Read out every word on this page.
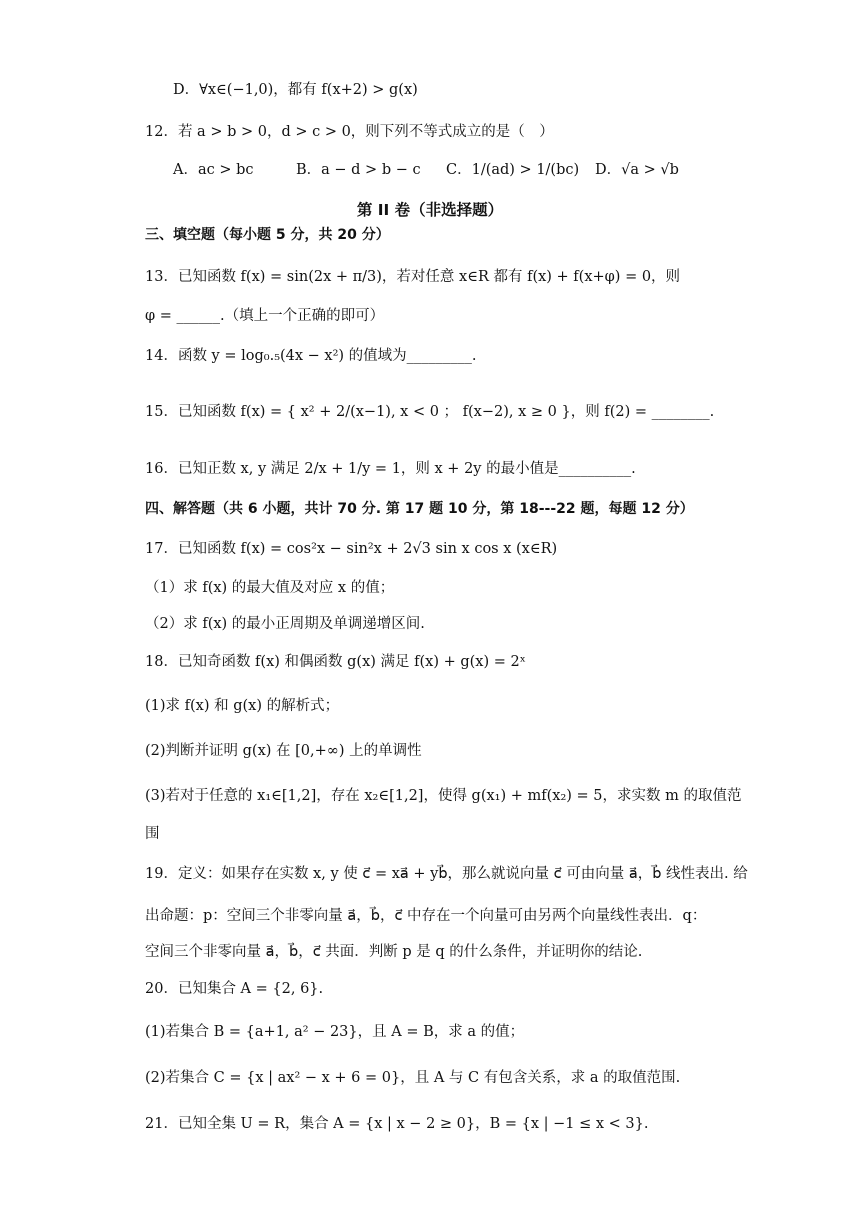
D．∀x∈(−1,0)，都有 f(x+2) > g(x)
12．若 a > b > 0，d > c > 0，则下列不等式成立的是（　）
A．ac > bc	B．a − d > b − c C．1/(ad) > 1/(bc) D．√a > √b
第 II 卷（非选择题）
三、填空题（每小题 5 分，共 20 分）
13．已知函数 f(x) = sin(2x + π/3)，若对任意 x∈R 都有 f(x) + f(x+φ) = 0，则
φ = ______.（填上一个正确的即可）
14．函数 y = log₀.₅(4x − x²) 的值域为_________.
15．已知函数 f(x) = { x² + 2/(x−1), x < 0 ； f(x−2), x ≥ 0 }，则 f(2) = ________.
16．已知正数 x, y 满足 2/x + 1/y = 1，则 x + 2y 的最小值是__________.
四、解答题（共 6 小题，共计 70 分. 第 17 题 10 分，第 18---22 题，每题 12 分）
17．已知函数 f(x) = cos²x − sin²x + 2√3 sin x cos x (x∈R)
（1）求 f(x) 的最大值及对应 x 的值；
（2）求 f(x) 的最小正周期及单调递增区间.
18．已知奇函数 f(x) 和偶函数 g(x) 满足 f(x) + g(x) = 2ˣ
(1)求 f(x) 和 g(x) 的解析式；
(2)判断并证明 g(x) 在 [0,+∞) 上的单调性
(3)若对于任意的 x₁∈[1,2]，存在 x₂∈[1,2]，使得 g(x₁) + mf(x₂) = 5，求实数 m 的取值范
围
19．定义：如果存在实数 x, y 使 c⃗ = xa⃗ + yb⃗，那么就说向量 c⃗ 可由向量 a⃗，b⃗ 线性表出. 给
出命题：p：空间三个非零向量 a⃗，b⃗，c⃗ 中存在一个向量可由另两个向量线性表出．q：
空间三个非零向量 a⃗，b⃗，c⃗ 共面．判断 p 是 q 的什么条件，并证明你的结论.
20．已知集合 A = {2, 6}.
(1)若集合 B = {a+1, a² − 23}，且 A = B，求 a 的值；
(2)若集合 C = {x | ax² − x + 6 = 0}，且 A 与 C 有包含关系，求 a 的取值范围.
21．已知全集 U = R，集合 A = {x | x − 2 ≥ 0}，B = {x | −1 ≤ x < 3}.
